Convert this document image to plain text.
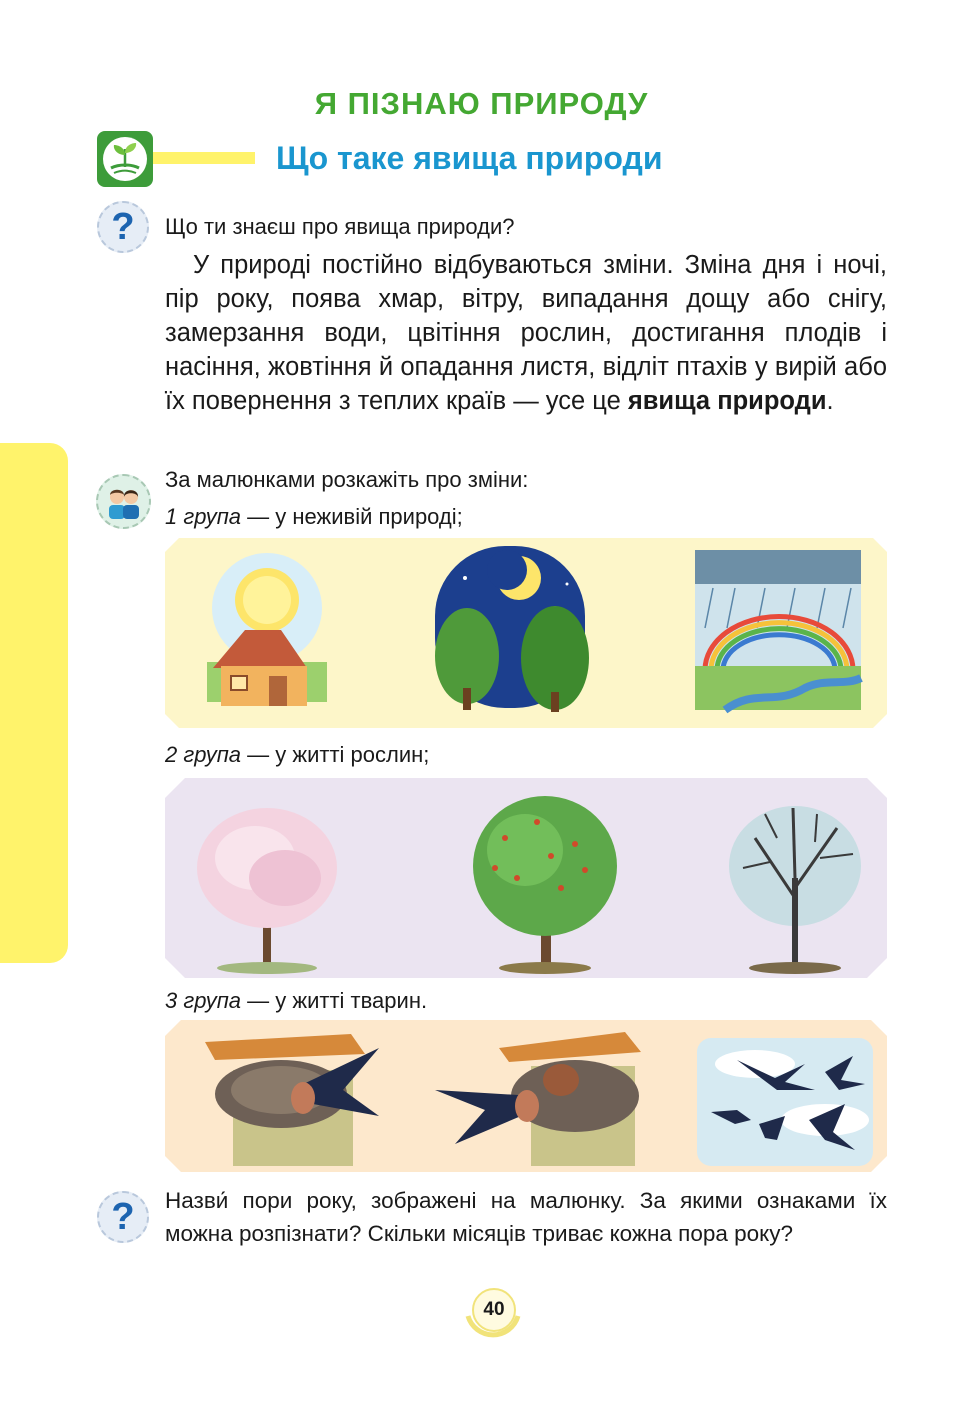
Я ПІЗНАЮ ПРИРОДУ
Що таке явища природи
?	Що ти знаєш про явища природи?

У природі постійно відбуваються зміни. Зміна дня і ночі, пір року, поява хмар, вітру, випадання дощу або снігу, замерзання води, цвітіння рослин, достигання плодів і насіння, жовтіння й опадання листя, відліт птахів у вирій або їх повернення з теплих країв — усе це явища природи.

За малюнками розкажіть про зміни:
1 група — у неживій природі;
2 група — у житті рослин;
3 група — у житті тварин.
?	Назви́ пори року, зображені на малюнку. За якими ознаками їх можна розпізнати? Скільки місяців триває кожна пора року?
40
